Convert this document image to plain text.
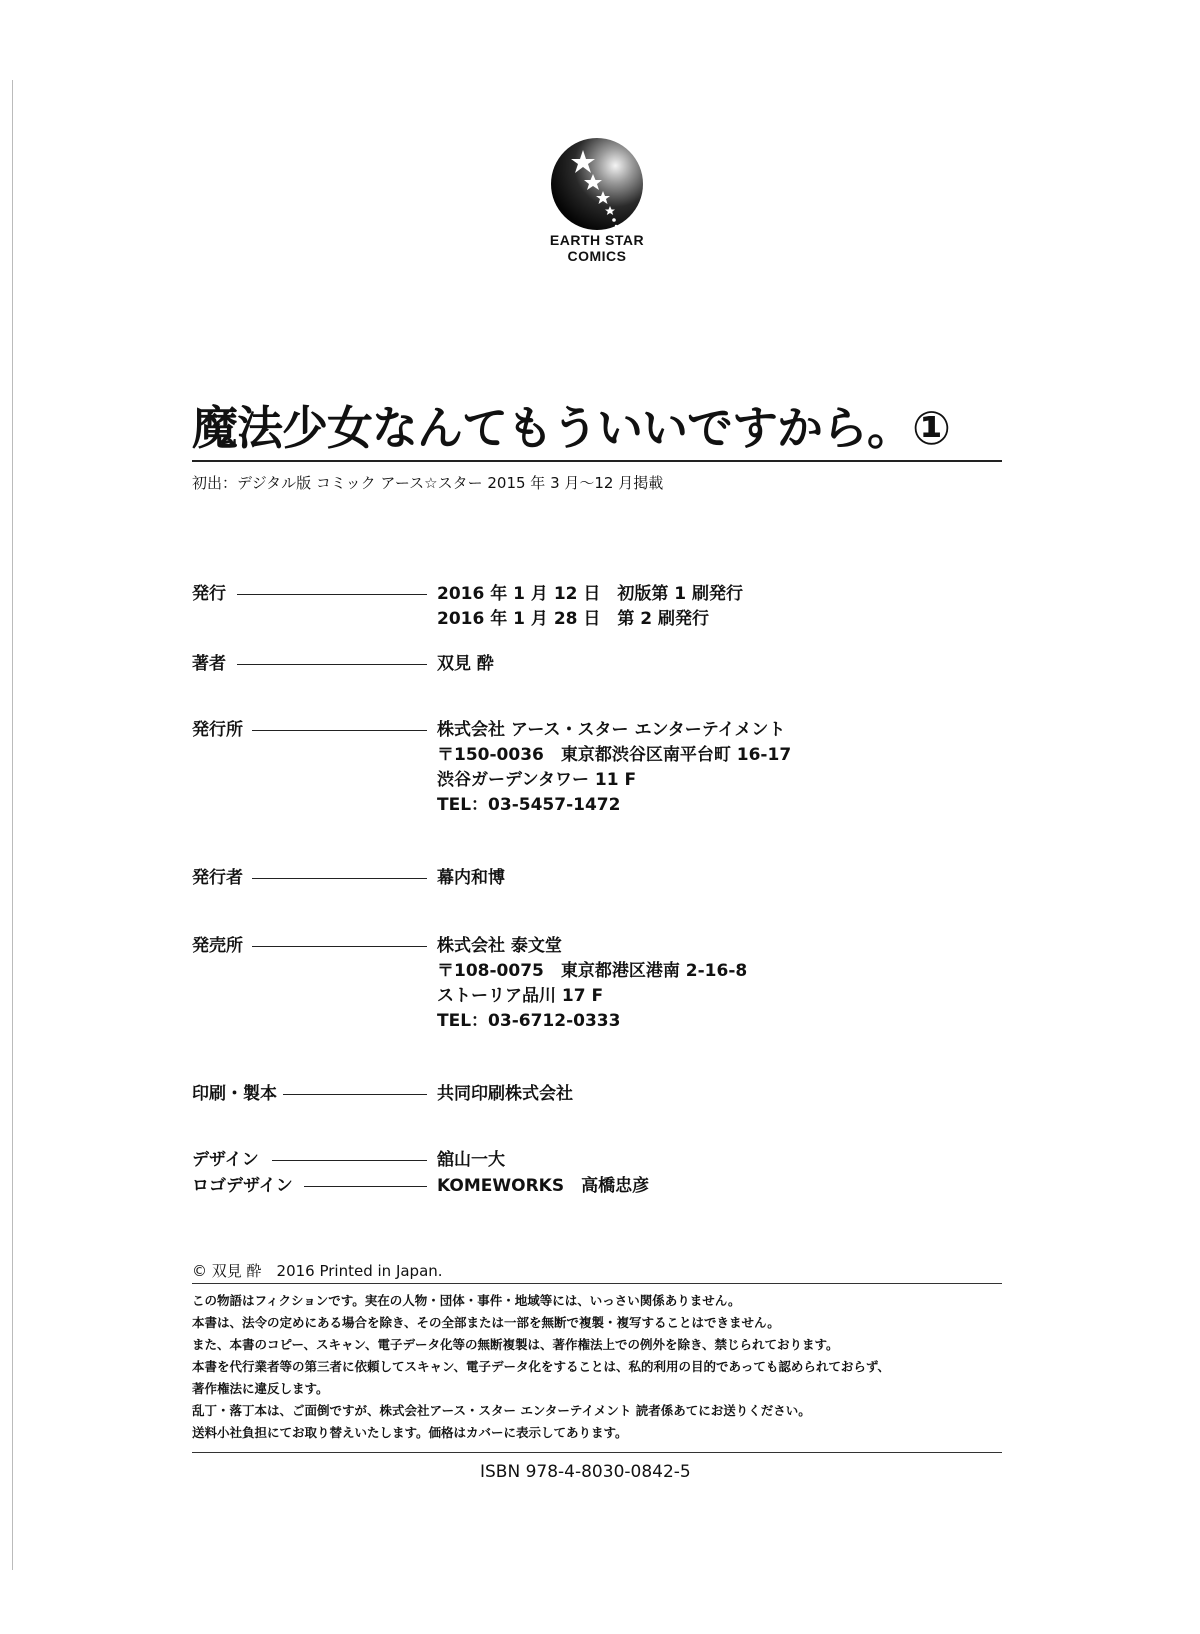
EARTH STAR
COMICS
魔法少女なんてもういいですから。①
初出：デジタル版 コミック アース☆スター 2015 年 3 月〜12 月掲載
発行	2016 年 1 月 12 日　初版第 1 刷発行
2016 年 1 月 28 日　第 2 刷発行
著者	双見 酔
発行所	株式会社 アース・スター エンターテイメント
〒150-0036　東京都渋谷区南平台町 16-17
渋谷ガーデンタワー 11 F
TEL：03-5457-1472
発行者	幕内和博
発売所	株式会社 泰文堂
〒108-0075　東京都港区港南 2-16-8
ストーリア品川 17 F
TEL：03-6712-0333
印刷・製本	共同印刷株式会社
デザイン	舘山一大
ロゴデザイン	KOMEWORKS　高橋忠彦
© 双見 酔　2016 Printed in Japan.
この物語はフィクションです。実在の人物・団体・事件・地域等には、いっさい関係ありません。
本書は、法令の定めにある場合を除き、その全部または一部を無断で複製・複写することはできません。
また、本書のコピー、スキャン、電子データ化等の無断複製は、著作権法上での例外を除き、禁じられております。
本書を代行業者等の第三者に依頼してスキャン、電子データ化をすることは、私的利用の目的であっても認められておらず、
著作権法に違反します。
乱丁・落丁本は、ご面倒ですが、株式会社アース・スター エンターテイメント 読者係あてにお送りください。
送料小社負担にてお取り替えいたします。価格はカバーに表示してあります。
ISBN 978-4-8030-0842-5
